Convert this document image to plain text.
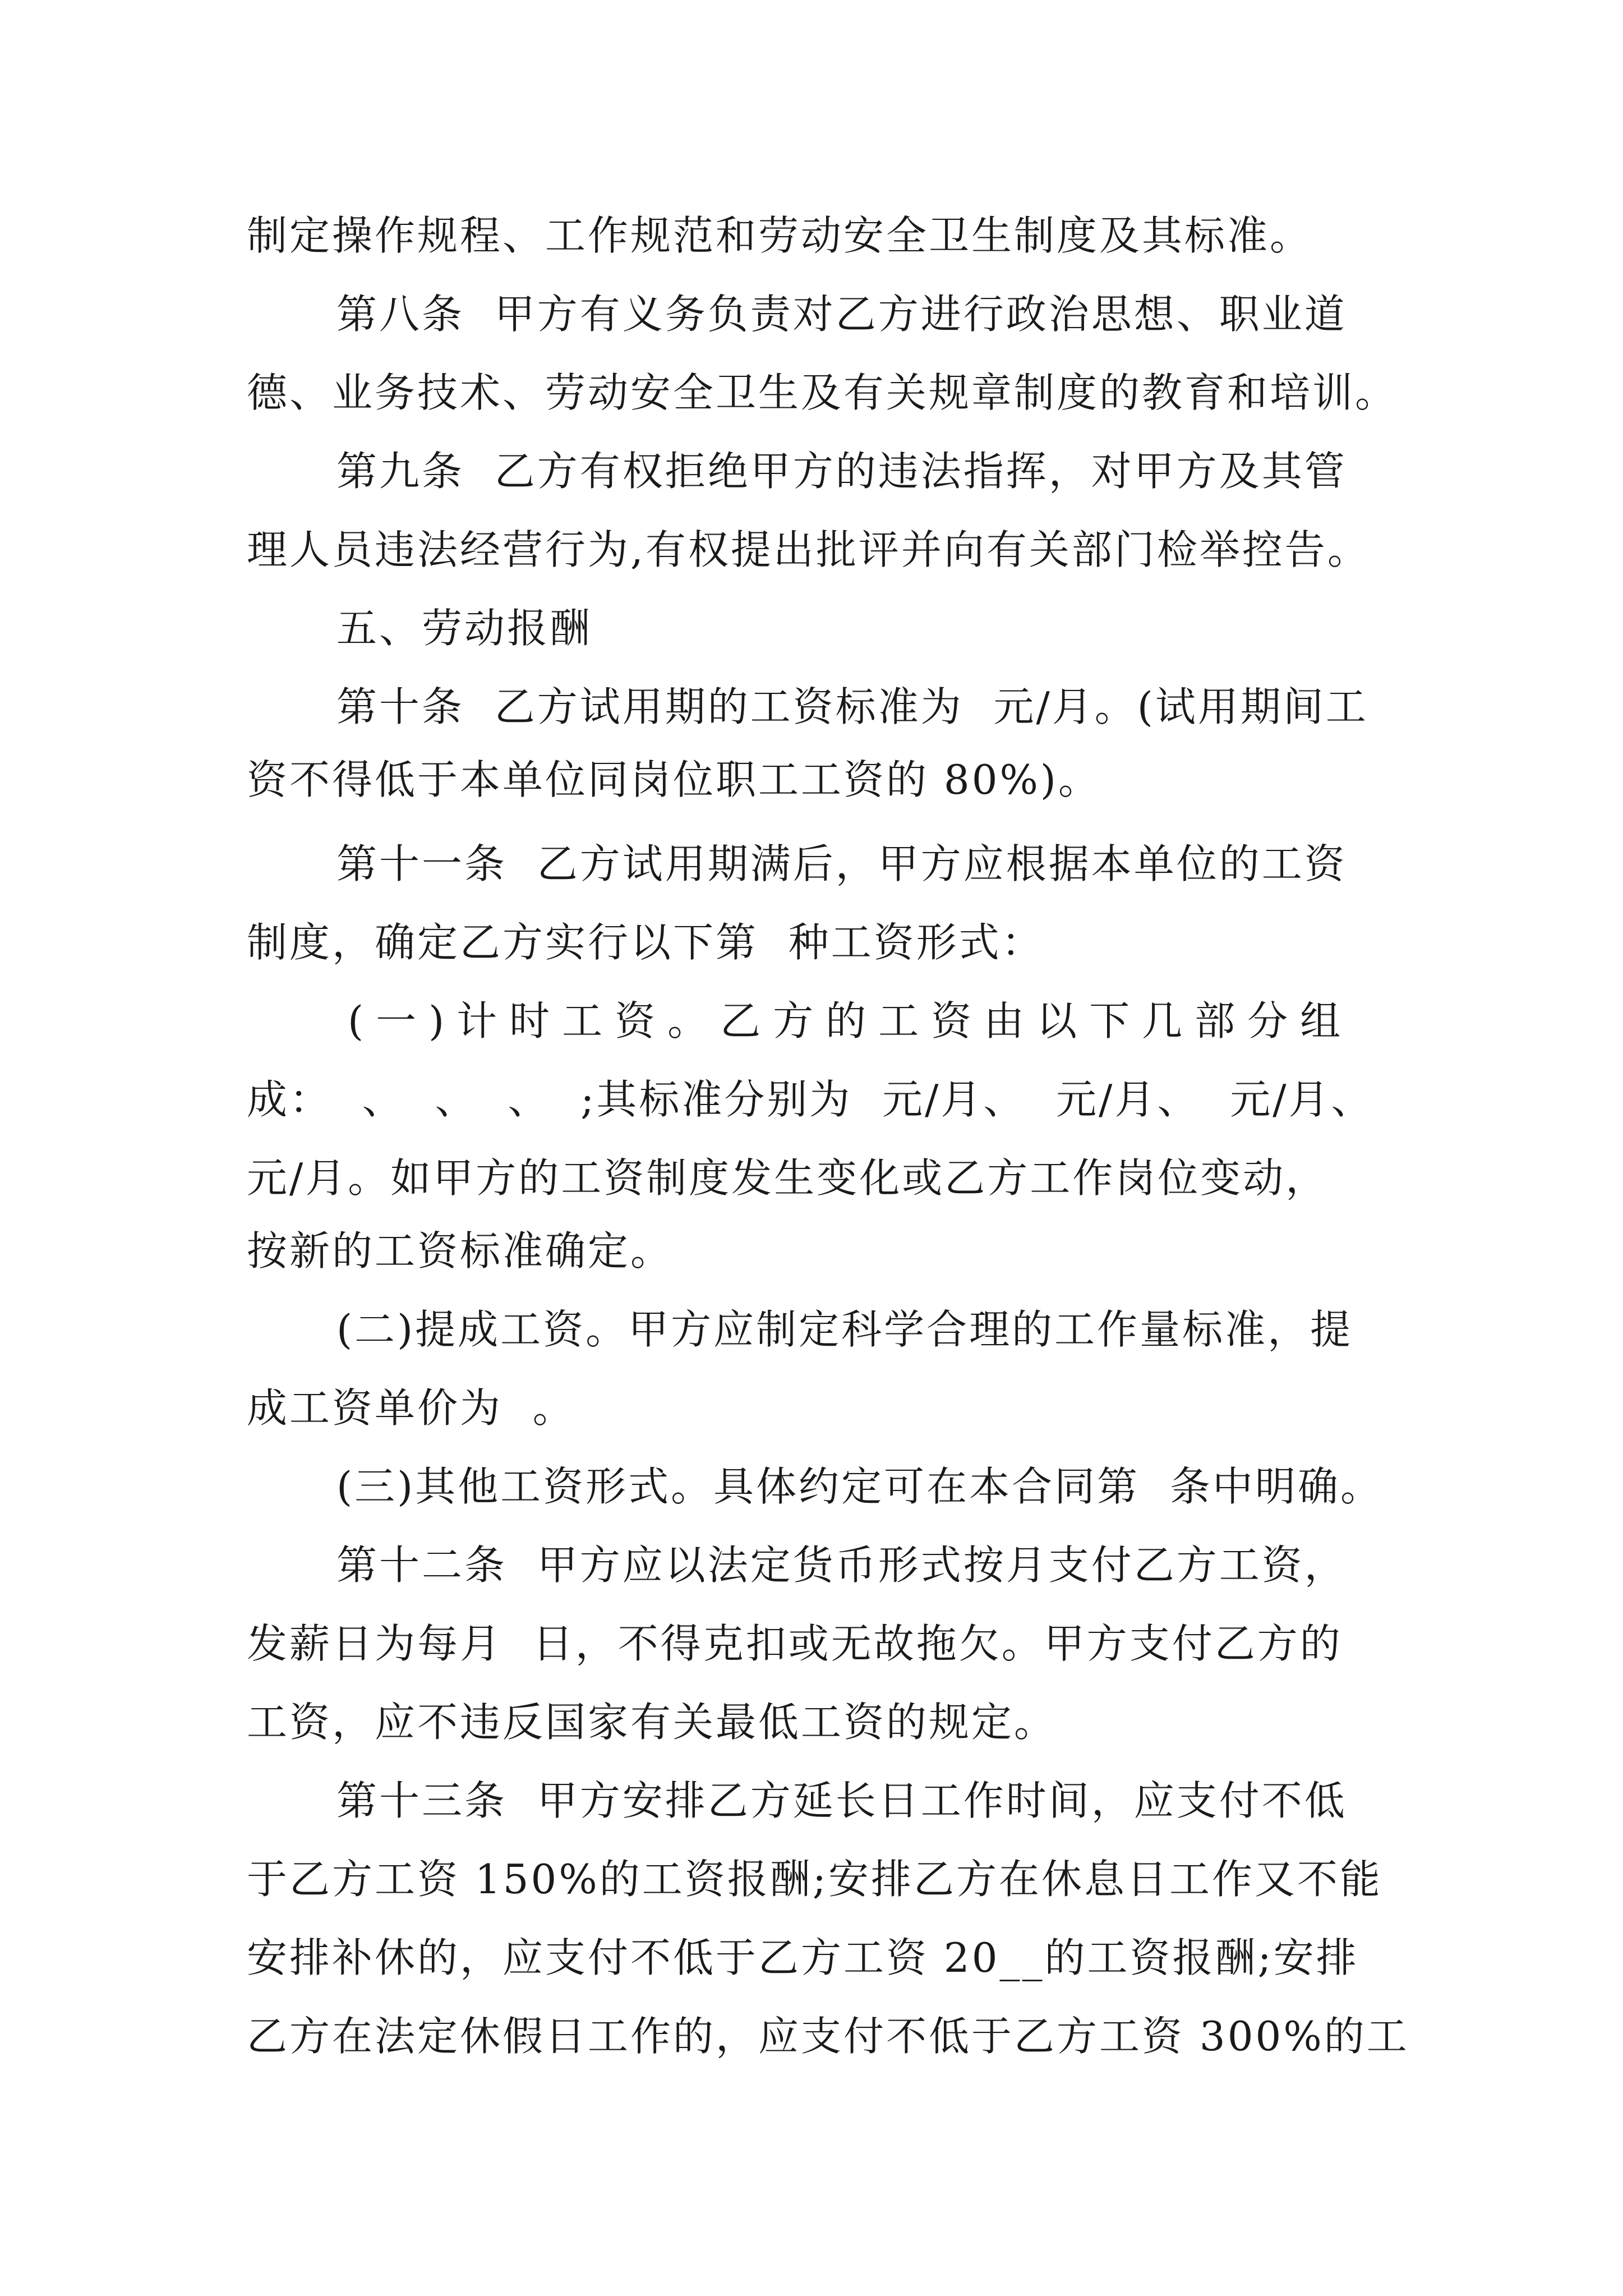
制定操作规程、工作规范和劳动安全卫生制度及其标准。
第八条  甲方有义务负责对乙方进行政治思想、职业道
德、业务技术、劳动安全卫生及有关规章制度的教育和培训。
第九条  乙方有权拒绝甲方的违法指挥，对甲方及其管
理人员违法经营行为,有权提出批评并向有关部门检举控告。
五、劳动报酬
第十条  乙方试用期的工资标准为  元/月。(试用期间工
资不得低于本单位同岗位职工工资的 80%)。
第十一条  乙方试用期满后，甲方应根据本单位的工资
制度，确定乙方实行以下第  种工资形式：
(一)计时工资。乙方的工资由以下几部分组
成：  、  、  、  ;其标准分别为  元/月、  元/月、  元/月、
元/月。如甲方的工资制度发生变化或乙方工作岗位变动，
按新的工资标准确定。
(二)提成工资。甲方应制定科学合理的工作量标准，提
成工资单价为  。
(三)其他工资形式。具体约定可在本合同第  条中明确。
第十二条  甲方应以法定货币形式按月支付乙方工资，
发薪日为每月  日，不得克扣或无故拖欠。甲方支付乙方的
工资，应不违反国家有关最低工资的规定。
第十三条  甲方安排乙方延长日工作时间，应支付不低
于乙方工资 150%的工资报酬;安排乙方在休息日工作又不能
安排补休的，应支付不低于乙方工资 20__的工资报酬;安排
乙方在法定休假日工作的，应支付不低于乙方工资 300%的工
